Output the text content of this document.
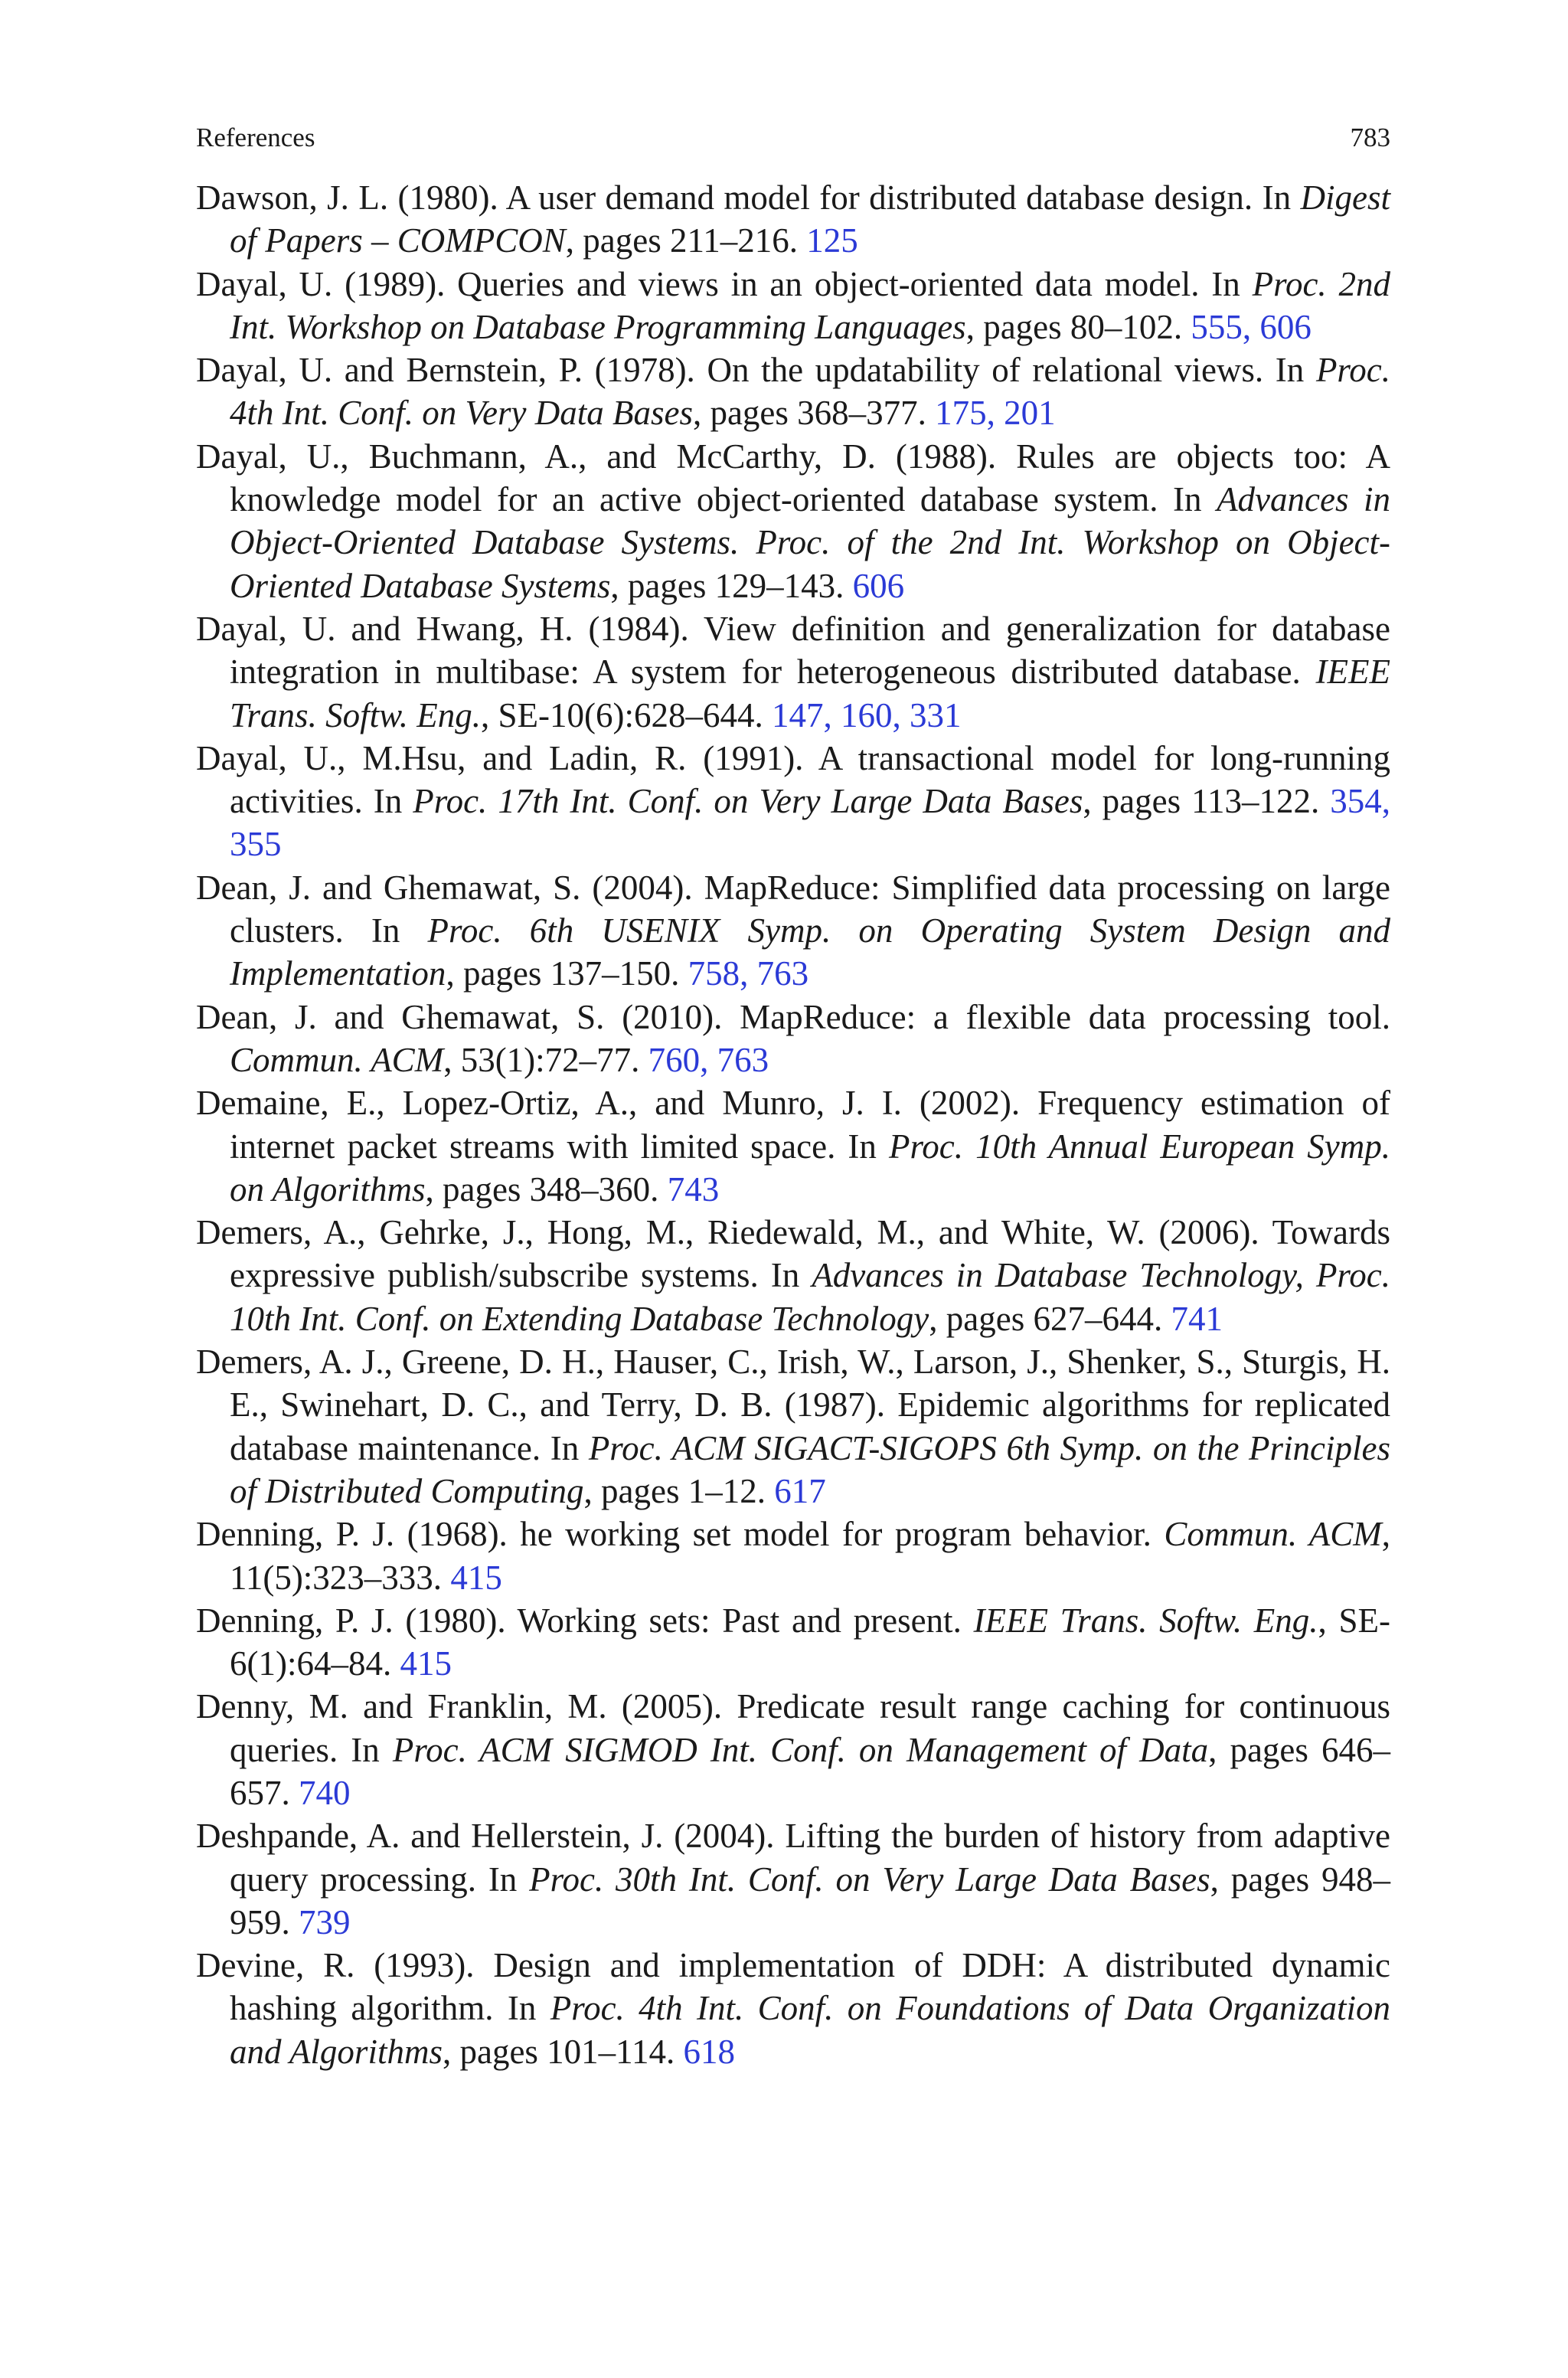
References	783
Dawson, J. L. (1980). A user demand model for distributed database design. In Digest of Papers – COMPCON, pages 211–216. 125
Dayal, U. (1989). Queries and views in an object-oriented data model. In Proc. 2nd Int. Workshop on Database Programming Languages, pages 80–102. 555, 606
Dayal, U. and Bernstein, P. (1978). On the updatability of relational views. In Proc. 4th Int. Conf. on Very Data Bases, pages 368–377. 175, 201
Dayal, U., Buchmann, A., and McCarthy, D. (1988). Rules are objects too: A knowledge model for an active object-oriented database system. In Advances in Object-Oriented Database Systems. Proc. of the 2nd Int. Workshop on Object-Oriented Database Systems, pages 129–143. 606
Dayal, U. and Hwang, H. (1984). View definition and generalization for database integration in multibase: A system for heterogeneous distributed database. IEEE Trans. Softw. Eng., SE-10(6):628–644. 147, 160, 331
Dayal, U., M.Hsu, and Ladin, R. (1991). A transactional model for long-running activities. In Proc. 17th Int. Conf. on Very Large Data Bases, pages 113–122. 354, 355
Dean, J. and Ghemawat, S. (2004). MapReduce: Simplified data processing on large clusters. In Proc. 6th USENIX Symp. on Operating System Design and Implementation, pages 137–150. 758, 763
Dean, J. and Ghemawat, S. (2010). MapReduce: a flexible data processing tool. Commun. ACM, 53(1):72–77. 760, 763
Demaine, E., Lopez-Ortiz, A., and Munro, J. I. (2002). Frequency estimation of internet packet streams with limited space. In Proc. 10th Annual European Symp. on Algorithms, pages 348–360. 743
Demers, A., Gehrke, J., Hong, M., Riedewald, M., and White, W. (2006). Towards expressive publish/subscribe systems. In Advances in Database Technology, Proc. 10th Int. Conf. on Extending Database Technology, pages 627–644. 741
Demers, A. J., Greene, D. H., Hauser, C., Irish, W., Larson, J., Shenker, S., Sturgis, H. E., Swinehart, D. C., and Terry, D. B. (1987). Epidemic algorithms for replicated database maintenance. In Proc. ACM SIGACT-SIGOPS 6th Symp. on the Principles of Distributed Computing, pages 1–12. 617
Denning, P. J. (1968). he working set model for program behavior. Commun. ACM, 11(5):323–333. 415
Denning, P. J. (1980). Working sets: Past and present. IEEE Trans. Softw. Eng., SE-6(1):64–84. 415
Denny, M. and Franklin, M. (2005). Predicate result range caching for continuous queries. In Proc. ACM SIGMOD Int. Conf. on Management of Data, pages 646–657. 740
Deshpande, A. and Hellerstein, J. (2004). Lifting the burden of history from adaptive query processing. In Proc. 30th Int. Conf. on Very Large Data Bases, pages 948–959. 739
Devine, R. (1993). Design and implementation of DDH: A distributed dynamic hashing algorithm. In Proc. 4th Int. Conf. on Foundations of Data Organization and Algorithms, pages 101–114. 618
